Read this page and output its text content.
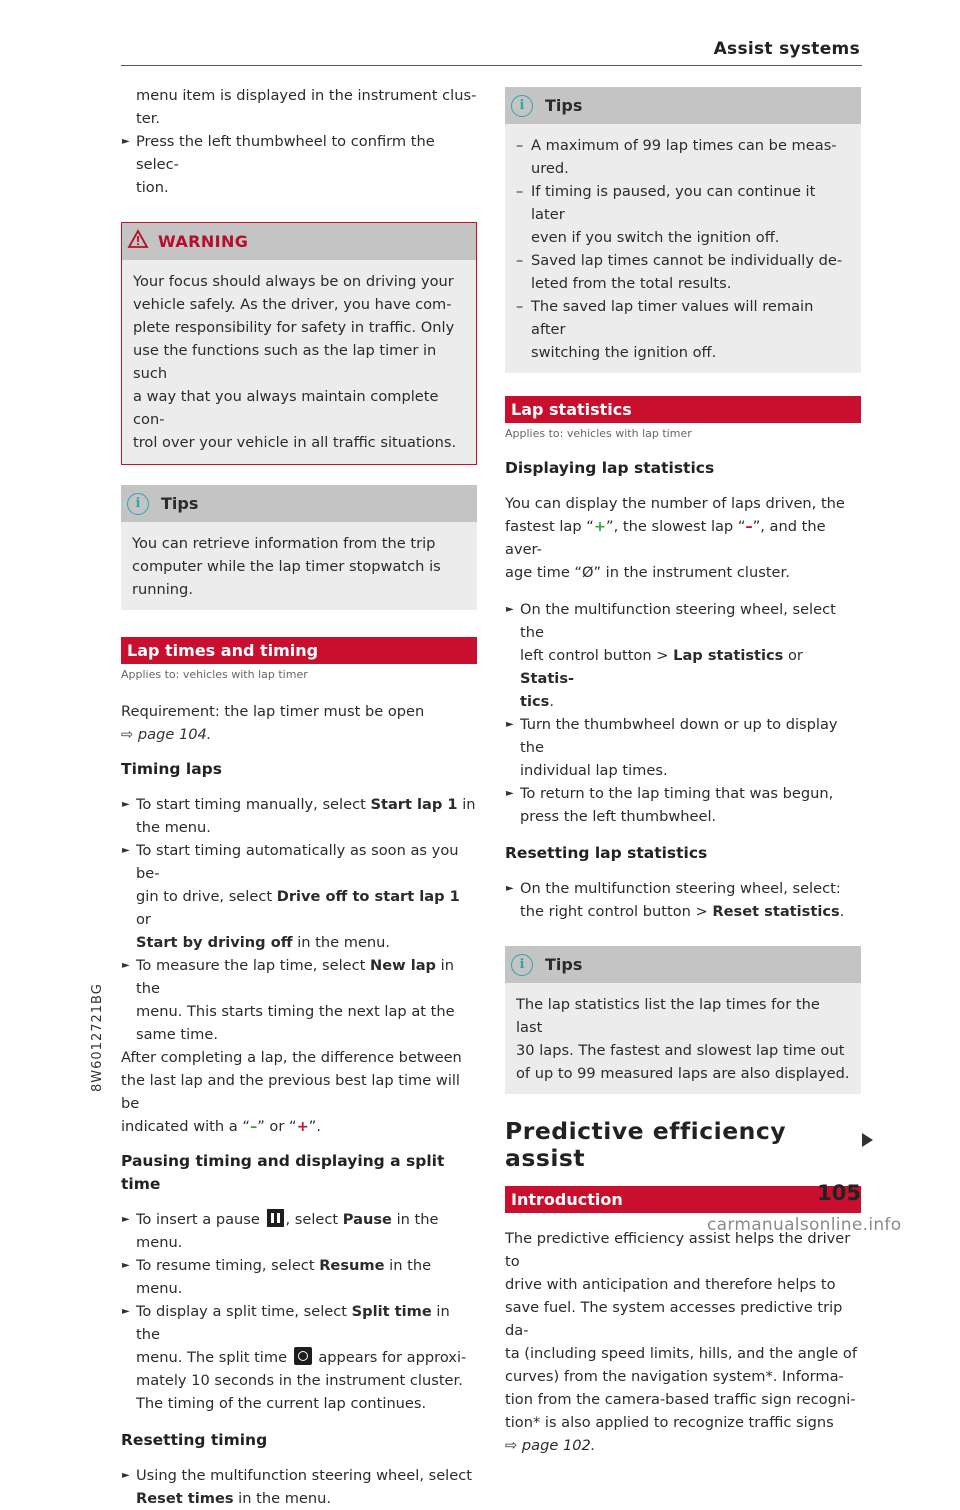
Assist systems

menu item is displayed in the instrument clus-
ter.

► Press the left thumbwheel to confirm the selec-
tion.

WARNING

Your focus should always be on driving your

vehicle safely. As the driver, you have com-

plete responsibility for safety in traffic. Only

use the functions such as the lap timer in such

a way that you always maintain complete con-

trol over your vehicle in all traffic situations.

i	Tips

You can retrieve information from the trip

computer while the lap timer stopwatch is

running.

Lap times and timing

Applies to: vehicles with lap timer

Requirement: the lap timer must be open
⇨ page 104.

Timing laps

► To start timing manually, select Start lap 1 in
the menu.

► To start timing automatically as soon as you be-
gin to drive, select Drive off to start lap 1 or
Start by driving off in the menu.

► To measure the lap time, select New lap in the
menu. This starts timing the next lap at the
same time.

After completing a lap, the difference between
the last lap and the previous best lap time will be
indicated with a “–” or “+”.

Pausing timing and displaying a split time

► To insert a pause , select Pause in the menu.

► To resume timing, select Resume in the menu.

► To display a split time, select Split time in the
menu. The split time  appears for approxi-
mately 10 seconds in the instrument cluster.
The timing of the current lap continues.

Resetting timing

► Using the multifunction steering wheel, select
Reset times in the menu.

i	Tips

– A maximum of 99 lap times can be meas-
ured.

– If timing is paused, you can continue it later
even if you switch the ignition off.

– Saved lap times cannot be individually de-
leted from the total results.

– The saved lap timer values will remain after
switching the ignition off.

Lap statistics

Applies to: vehicles with lap timer

Displaying lap statistics

You can display the number of laps driven, the
fastest lap “+”, the slowest lap “–”, and the aver-
age time “Ø” in the instrument cluster.

► On the multifunction steering wheel, select the
left control button > Lap statistics or Statis-
tics.

► Turn the thumbwheel down or up to display the
individual lap times.

► To return to the lap timing that was begun,
press the left thumbwheel.

Resetting lap statistics

► On the multifunction steering wheel, select:
the right control button > Reset statistics.

i	Tips

The lap statistics list the lap times for the last

30 laps. The fastest and slowest lap time out

of up to 99 measured laps are also displayed.

Predictive efficiency
assist
Introduction

The predictive efficiency assist helps the driver to
drive with anticipation and therefore helps to
save fuel. The system accesses predictive trip da-
ta (including speed limits, hills, and the angle of
curves) from the navigation system*. Informa-
tion from the camera-based traffic sign recogni-
tion* is also applied to recognize traffic signs
⇨ page 102.

8W6012721BG
105
carmanualsonline.info
